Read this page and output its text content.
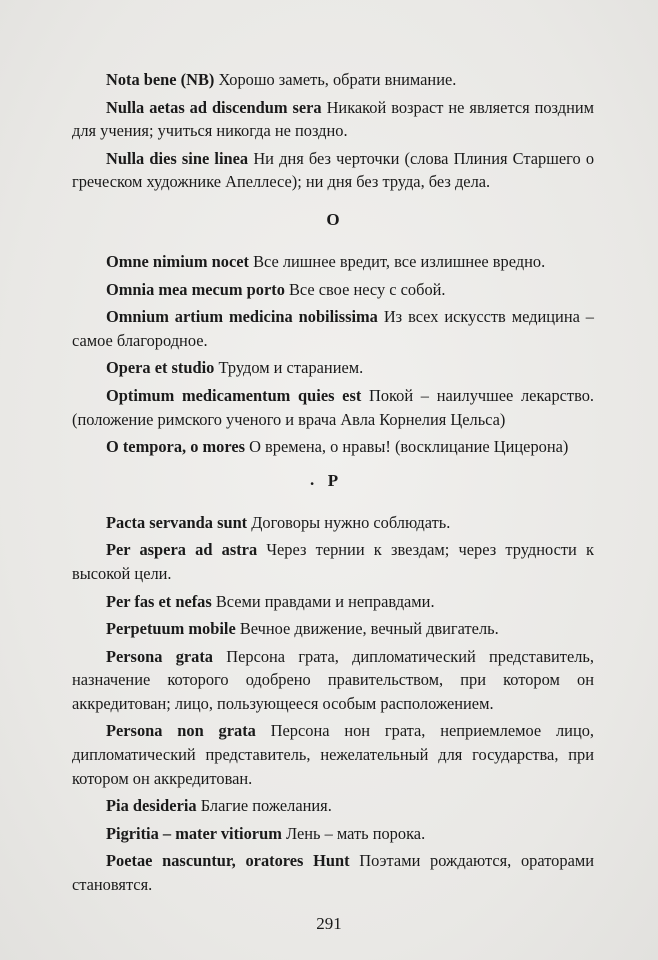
Nota bene (NB) Хорошо заметь, обрати внимание.

Nulla aetas ad discendum sera Никакой возраст не является поздним для учения; учиться никогда не поздно.

Nulla dies sine linea Ни дня без черточки (слова Плиния Старшего о греческом художнике Апеллесе); ни дня без труда, без дела.

O

Omne nimium nocet Все лишнее вредит, все излишнее вредно.

Omnia mea mecum porto Все свое несу с собой.

Omnium artium medicina nobilissima Из всех искусств медицина – самое благородное.

Opera et studio Трудом и старанием.

Optimum medicamentum quies est Покой – наилучшее лекарство. (положение римского ученого и врача Авла Корнелия Цельса)

O tempora, o mores О времена, о нравы! (восклицание Цицерона)

. P

Pacta servanda sunt Договоры нужно соблюдать.

Per aspera ad astra Через тернии к звездам; через трудности к высокой цели.

Per fas et nefas Всеми правдами и неправдами.

Perpetuum mobile Вечное движение, вечный двигатель.

Persona grata Персона грата, дипломатический представитель, назначение которого одобрено правительством, при котором он аккредитован; лицо, пользующееся особым расположением.

Persona non grata Персона нон грата, неприемлемое лицо, дипломатический представитель, нежелательный для государства, при котором он аккредитован.

Pia desideria Благие пожелания.

Pigritia – mater vitiorum Лень – мать порока.

Poetae nascuntur, oratores Hunt Поэтами рождаются, ораторами становятся.

291
